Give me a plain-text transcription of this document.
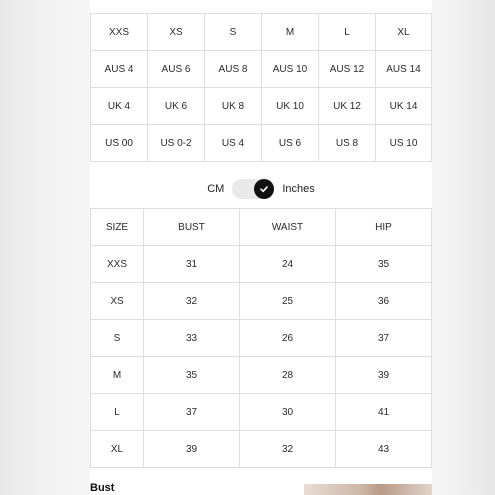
XXS	XS	S	M	L	XL
AUS 4	AUS 6	AUS 8	AUS 10	AUS 12	AUS 14
UK 4	UK 6	UK 8	UK 10	UK 12	UK 14
US 00	US 0-2	US 4	US 6	US 8	US 10
CM	Inches
SIZE	BUST	WAIST	HIP
XXS	31	24	35
XS	32	25	36
S	33	26	37
M	35	28	39
L	37	30	41
XL	39	32	43
Bust
